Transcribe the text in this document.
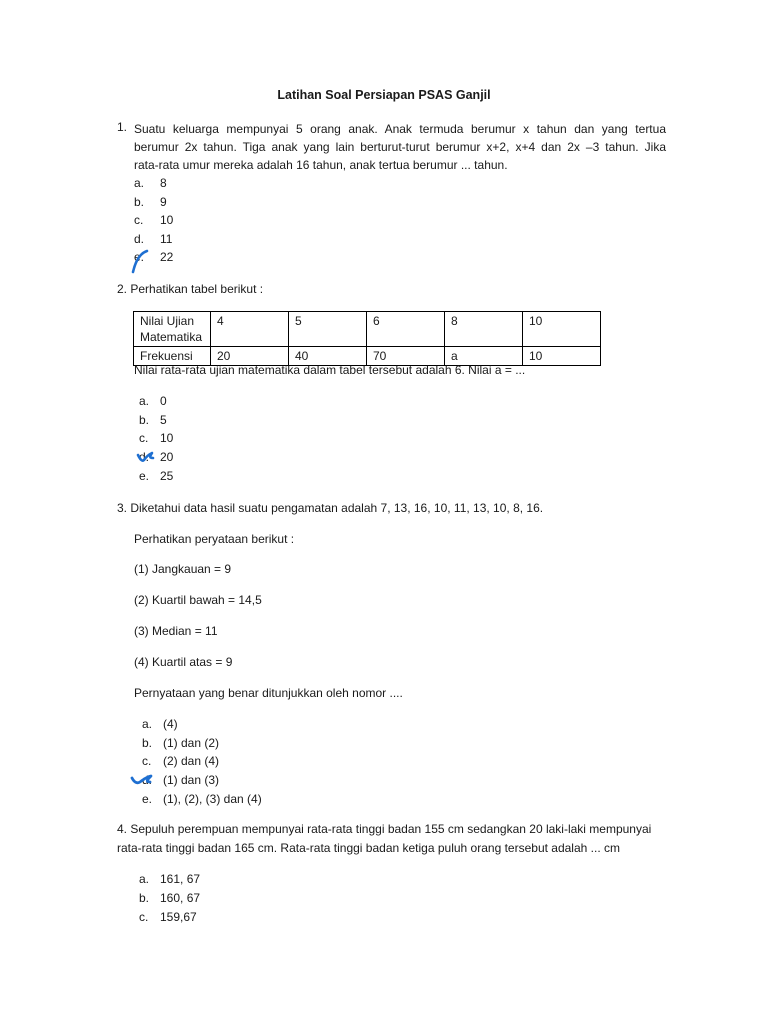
Latihan Soal Persiapan PSAS Ganjil
1. Suatu keluarga mempunyai 5 orang anak. Anak termuda berumur x tahun dan yang tertua
berumur 2x tahun. Tiga anak yang lain berturut-turut berumur x+2, x+4 dan 2x –3 tahun. Jika
rata-rata umur mereka adalah 16 tahun, anak tertua berumur ... tahun.
a.	8
b.	9
c.	10
d.	11
e.	22
2. Perhatikan tabel berikut :
Nilai Ujian
Matematika	4	5	6	8	10
Frekuensi	20	40	70	a	10
Nilai rata-rata ujian matematika dalam tabel tersebut adalah 6. Nilai a = ...
a. 0
b. 5
c. 10
d. 20
e. 25
3. Diketahui data hasil suatu pengamatan adalah 7, 13, 16, 10, 11, 13, 10, 8, 16.
Perhatikan peryataan berikut :
(1) Jangkauan = 9
(2) Kuartil bawah = 14,5
(3) Median = 11
(4) Kuartil atas = 9
Pernyataan yang benar ditunjukkan oleh nomor ....
a. (4)
b. (1) dan (2)
c. (2) dan (4)
d. (1) dan (3)
e. (1), (2), (3) dan (4)
4. Sepuluh perempuan mempunyai rata-rata tinggi badan 155 cm sedangkan 20 laki-laki mempunyai
rata-rata tinggi badan 165 cm. Rata-rata tinggi badan ketiga puluh orang tersebut adalah ... cm
a. 161, 67
b. 160, 67
c. 159,67
